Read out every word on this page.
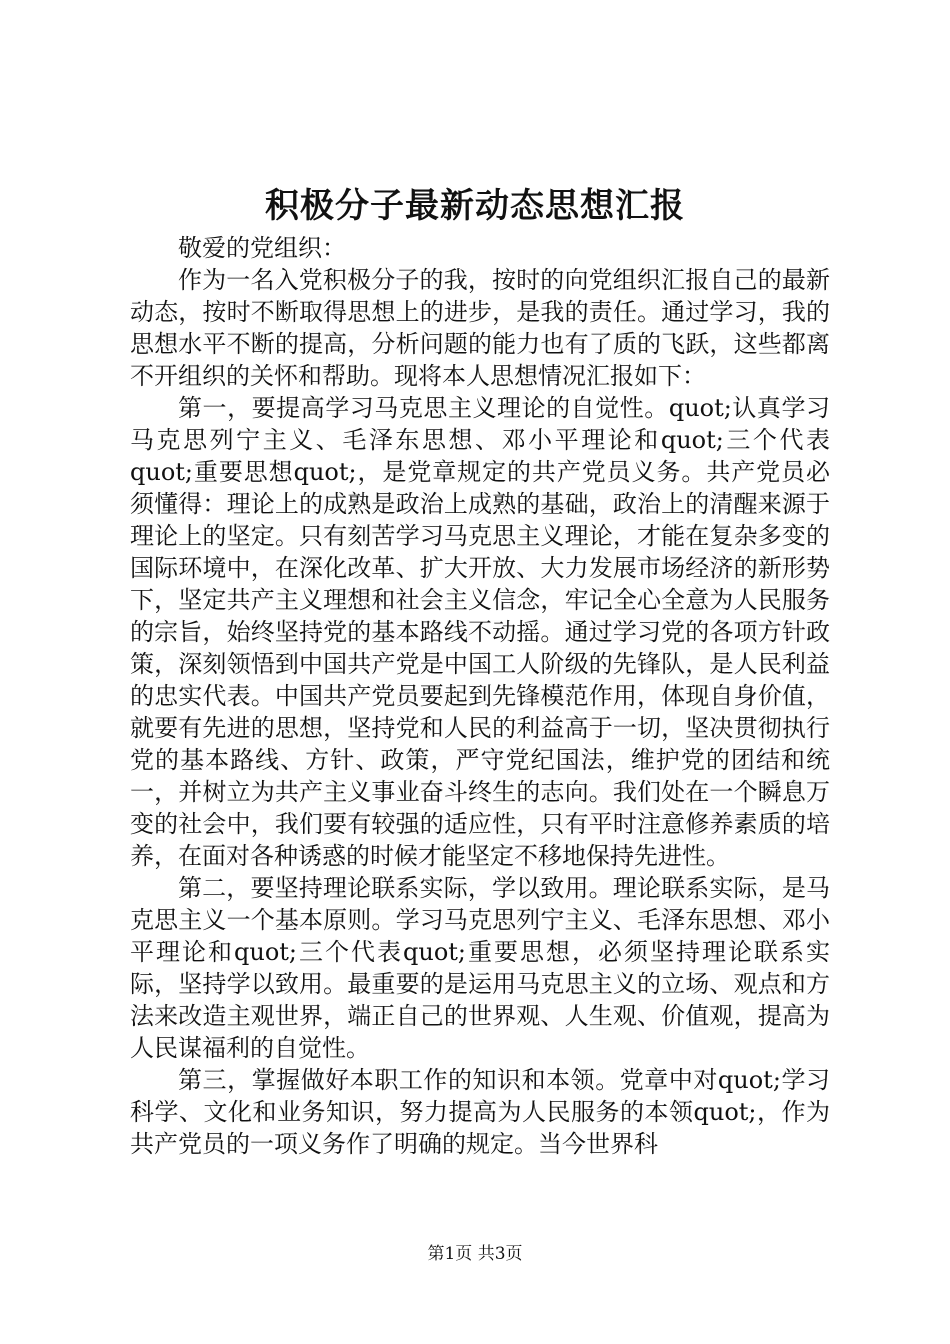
积极分子最新动态思想汇报

敬爱的党组织：

作为一名入党积极分子的我，按时的向党组织汇报自己的最新动态，按时不断取得思想上的进步，是我的责任。通过学习，我的思想水平不断的提高，分析问题的能力也有了质的飞跃，这些都离不开组织的关怀和帮助。现将本人思想情况汇报如下：

第一，要提高学习马克思主义理论的自觉性。quot;认真学习马克思列宁主义、毛泽东思想、邓小平理论和quot;三个代表quot;重要思想quot;，是党章规定的共产党员义务。共产党员必须懂得：理论上的成熟是政治上成熟的基础，政治上的清醒来源于理论上的坚定。只有刻苦学习马克思主义理论，才能在复杂多变的国际环境中，在深化改革、扩大开放、大力发展市场经济的新形势下，坚定共产主义理想和社会主义信念，牢记全心全意为人民服务的宗旨，始终坚持党的基本路线不动摇。通过学习党的各项方针政策，深刻领悟到中国共产党是中国工人阶级的先锋队，是人民利益的忠实代表。中国共产党员要起到先锋模范作用，体现自身价值，就要有先进的思想，坚持党和人民的利益高于一切，坚决贯彻执行党的基本路线、方针、政策，严守党纪国法，维护党的团结和统一，并树立为共产主义事业奋斗终生的志向。我们处在一个瞬息万变的社会中，我们要有较强的适应性，只有平时注意修养素质的培养，在面对各种诱惑的时候才能坚定不移地保持先进性。

第二，要坚持理论联系实际，学以致用。理论联系实际，是马克思主义一个基本原则。学习马克思列宁主义、毛泽东思想、邓小平理论和quot;三个代表quot;重要思想，必须坚持理论联系实际，坚持学以致用。最重要的是运用马克思主义的立场、观点和方法来改造主观世界，端正自己的世界观、人生观、价值观，提高为人民谋福利的自觉性。

第三，掌握做好本职工作的知识和本领。党章中对quot;学习科学、文化和业务知识，努力提高为人民服务的本领quot;，作为共产党员的一项义务作了明确的规定。当今世界科

第1页 共3页
